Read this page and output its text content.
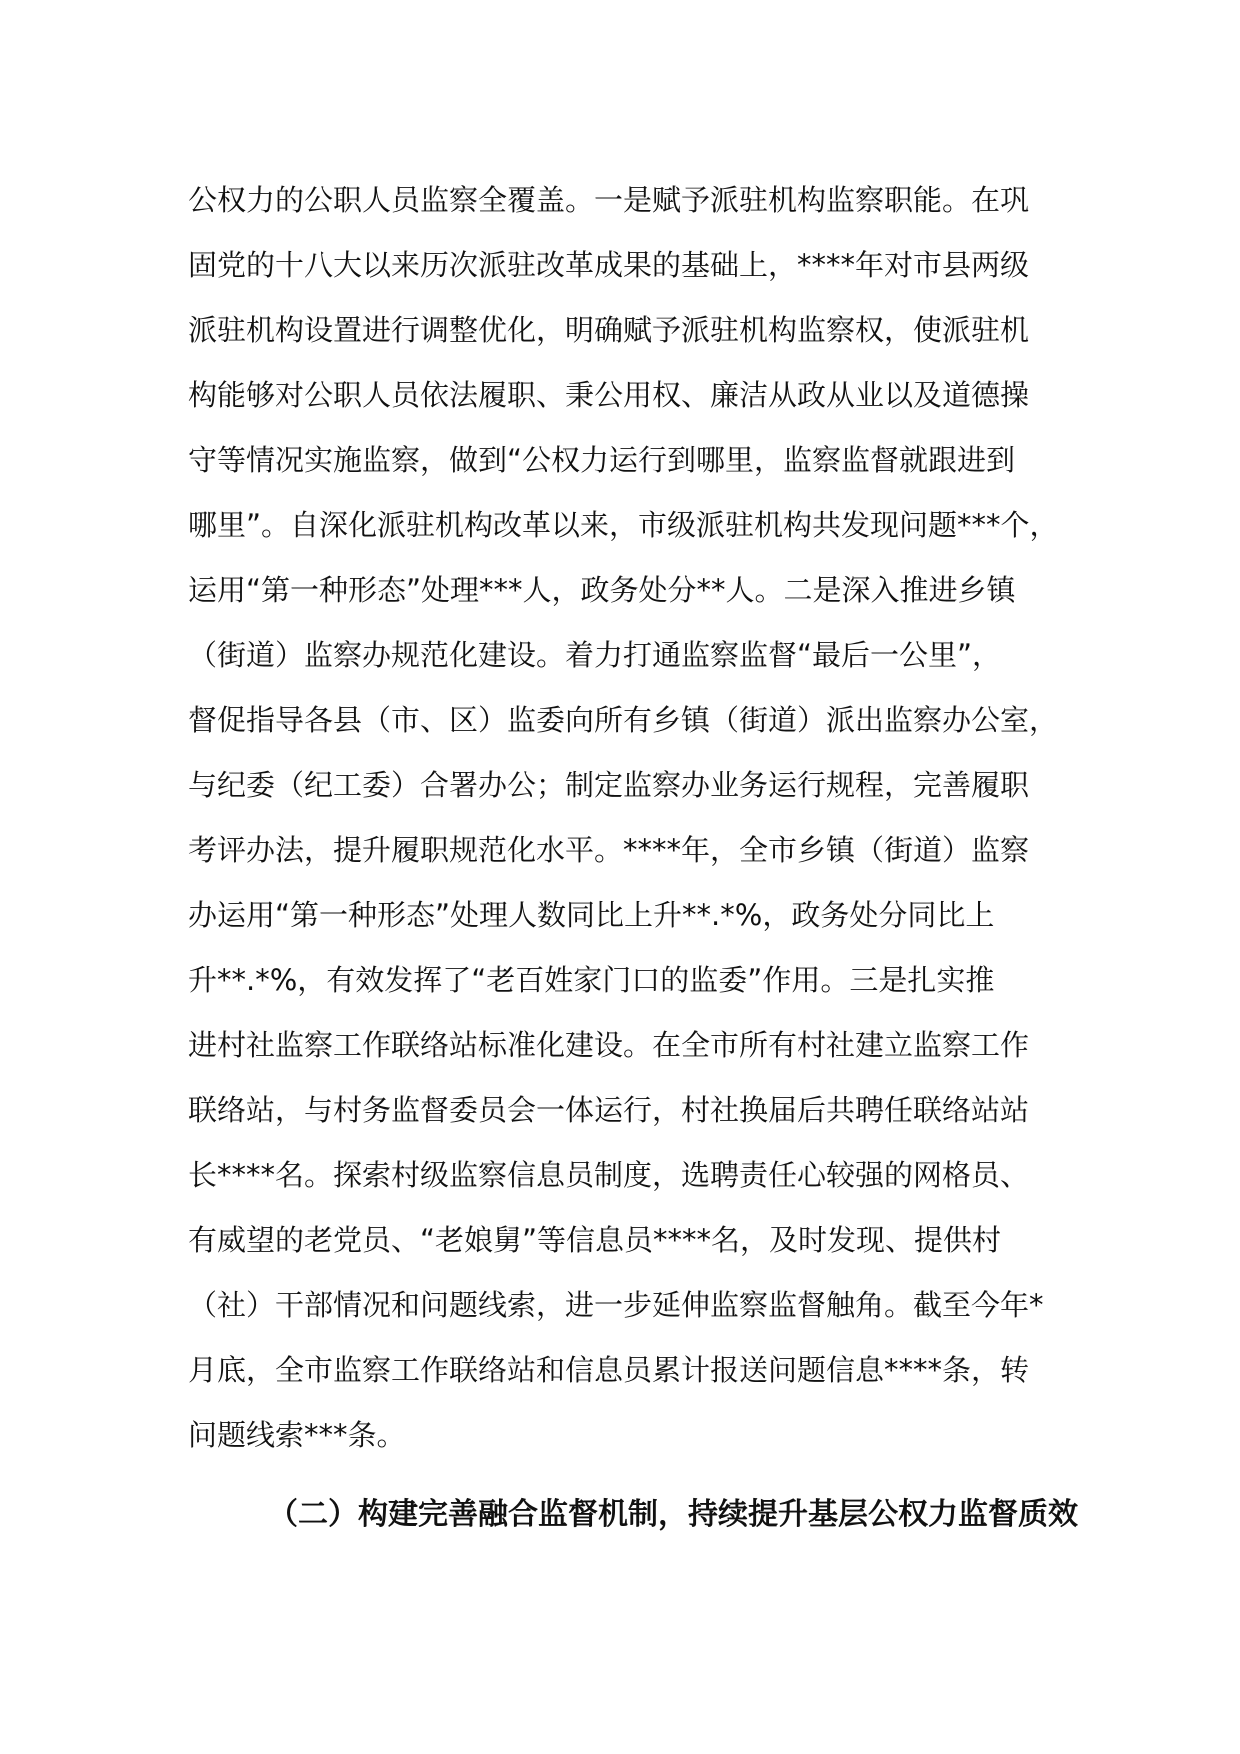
公权力的公职人员监察全覆盖。一是赋予派驻机构监察职能。在巩
固党的十八大以来历次派驻改革成果的基础上，****年对市县两级
派驻机构设置进行调整优化，明确赋予派驻机构监察权，使派驻机
构能够对公职人员依法履职、秉公用权、廉洁从政从业以及道德操
守等情况实施监察，做到“公权力运行到哪里，监察监督就跟进到
哪里”。自深化派驻机构改革以来，市级派驻机构共发现问题***个，
运用“第一种形态”处理***人，政务处分**人。二是深入推进乡镇
（街道）监察办规范化建设。着力打通监察监督“最后一公里”，
督促指导各县（市、区）监委向所有乡镇（街道）派出监察办公室，
与纪委（纪工委）合署办公；制定监察办业务运行规程，完善履职
考评办法，提升履职规范化水平。****年，全市乡镇（街道）监察
办运用“第一种形态”处理人数同比上升**.*%，政务处分同比上
升**.*%，有效发挥了“老百姓家门口的监委”作用。三是扎实推
进村社监察工作联络站标准化建设。在全市所有村社建立监察工作
联络站，与村务监督委员会一体运行，村社换届后共聘任联络站站
长****名。探索村级监察信息员制度，选聘责任心较强的网格员、
有威望的老党员、“老娘舅”等信息员****名，及时发现、提供村
（社）干部情况和问题线索，进一步延伸监察监督触角。截至今年*
月底，全市监察工作联络站和信息员累计报送问题信息****条，转
问题线索***条。
（二）构建完善融合监督机制，持续提升基层公权力监督质效
